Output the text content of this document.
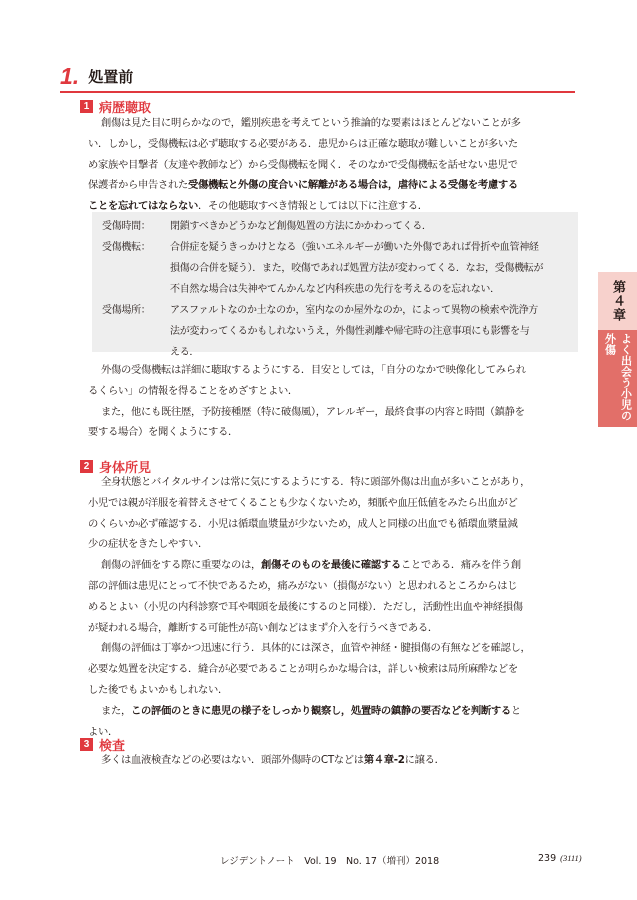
1. 処置前
1 病歴聴取
創傷は見た目に明らかなので，鑑別疾患を考えてという推論的な要素はほとんどないことが多
い．しかし，受傷機転は必ず聴取する必要がある．患児からは正確な聴取が難しいことが多いた
め家族や目撃者（友達や教師など）から受傷機転を聞く．そのなかで受傷機転を話せない患児で
保護者から申告された受傷機転と外傷の度合いに解離がある場合は，虐待による受傷を考慮する
ことを忘れてはならない．その他聴取すべき情報としては以下に注意する．
受傷時間：	閉鎖すべきかどうかなど創傷処置の方法にかかわってくる．
受傷機転：	合併症を疑うきっかけとなる（強いエネルギーが働いた外傷であれば骨折や血管神経
損傷の合併を疑う）．また，咬傷であれば処置方法が変わってくる．なお，受傷機転が
不自然な場合は失神やてんかんなど内科疾患の先行を考えるのを忘れない．
受傷場所：	アスファルトなのか土なのか，室内なのか屋外なのか，によって異物の検索や洗浄方
法が変わってくるかもしれないうえ，外傷性剥離や帰宅時の注意事項にも影響を与
える．
外傷の受傷機転は詳細に聴取するようにする．目安としては，「自分のなかで映像化してみられ
るくらい」の情報を得ることをめざすとよい．
また，他にも既往歴，予防接種歴（特に破傷風），アレルギー，最終食事の内容と時間（鎮静を
要する場合）を聞くようにする．
2 身体所見
全身状態とバイタルサインは常に気にするようにする．特に頭部外傷は出血が多いことがあり，
小児では親が洋服を着替えさせてくることも少なくないため，頻脈や血圧低値をみたら出血がど
のくらいか必ず確認する．小児は循環血漿量が少ないため，成人と同様の出血でも循環血漿量減
少の症状をきたしやすい．
創傷の評価をする際に重要なのは，創傷そのものを最後に確認することである．痛みを伴う創
部の評価は患児にとって不快であるため，痛みがない（損傷がない）と思われるところからはじ
めるとよい（小児の内科診察で耳や咽頭を最後にするのと同様）．ただし，活動性出血や神経損傷
が疑われる場合，離断する可能性が高い創などはまず介入を行うべきである．
創傷の評価は丁寧かつ迅速に行う．具体的には深さ，血管や神経・腱損傷の有無などを確認し，
必要な処置を決定する．縫合が必要であることが明らかな場合は，詳しい検索は局所麻酔などを
した後でもよいかもしれない．
また，この評価のときに患児の様子をしっかり観察し，処置時の鎮静の要否などを判断すると
よい．
3 検査
多くは血液検査などの必要はない．頭部外傷時のCTなどは第４章-2に譲る．
第４章
よく出会う小児の外傷
レジデントノート　Vol. 19　No. 17（増刊）2018	239 (3111)
